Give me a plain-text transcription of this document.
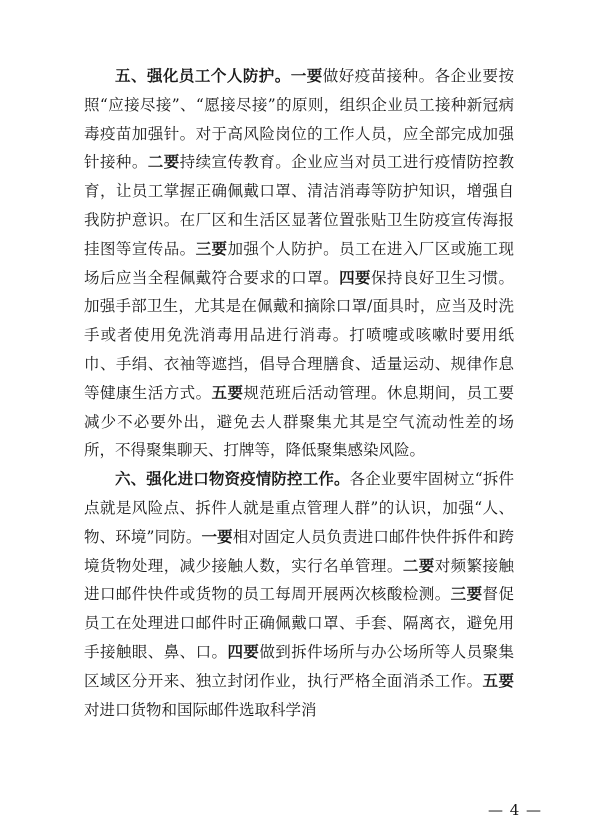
五、强化员工个人防护。一要做好疫苗接种。各企业要按照“应接尽接”、“愿接尽接”的原则，组织企业员工接种新冠病毒疫苗加强针。对于高风险岗位的工作人员，应全部完成加强针接种。二要持续宣传教育。企业应当对员工进行疫情防控教育，让员工掌握正确佩戴口罩、清洁消毒等防护知识，增强自我防护意识。在厂区和生活区显著位置张贴卫生防疫宣传海报挂图等宣传品。三要加强个人防护。员工在进入厂区或施工现场后应当全程佩戴符合要求的口罩。四要保持良好卫生习惯。加强手部卫生，尤其是在佩戴和摘除口罩/面具时，应当及时洗手或者使用免洗消毒用品进行消毒。打喷嚏或咳嗽时要用纸巾、手绢、衣袖等遮挡，倡导合理膳食、适量运动、规律作息等健康生活方式。五要规范班后活动管理。休息期间，员工要减少不必要外出，避免去人群聚集尤其是空气流动性差的场所，不得聚集聊天、打牌等，降低聚集感染风险。

六、强化进口物资疫情防控工作。各企业要牢固树立“拆件点就是风险点、拆件人就是重点管理人群”的认识，加强“人、物、环境”同防。一要相对固定人员负责进口邮件快件拆件和跨境货物处理，减少接触人数，实行名单管理。二要对频繁接触进口邮件快件或货物的员工每周开展两次核酸检测。三要督促员工在处理进口邮件时正确佩戴口罩、手套、隔离衣，避免用手接触眼、鼻、口。四要做到拆件场所与办公场所等人员聚集区域区分开来、独立封闭作业，执行严格全面消杀工作。五要对进口货物和国际邮件选取科学消

— 4 —
